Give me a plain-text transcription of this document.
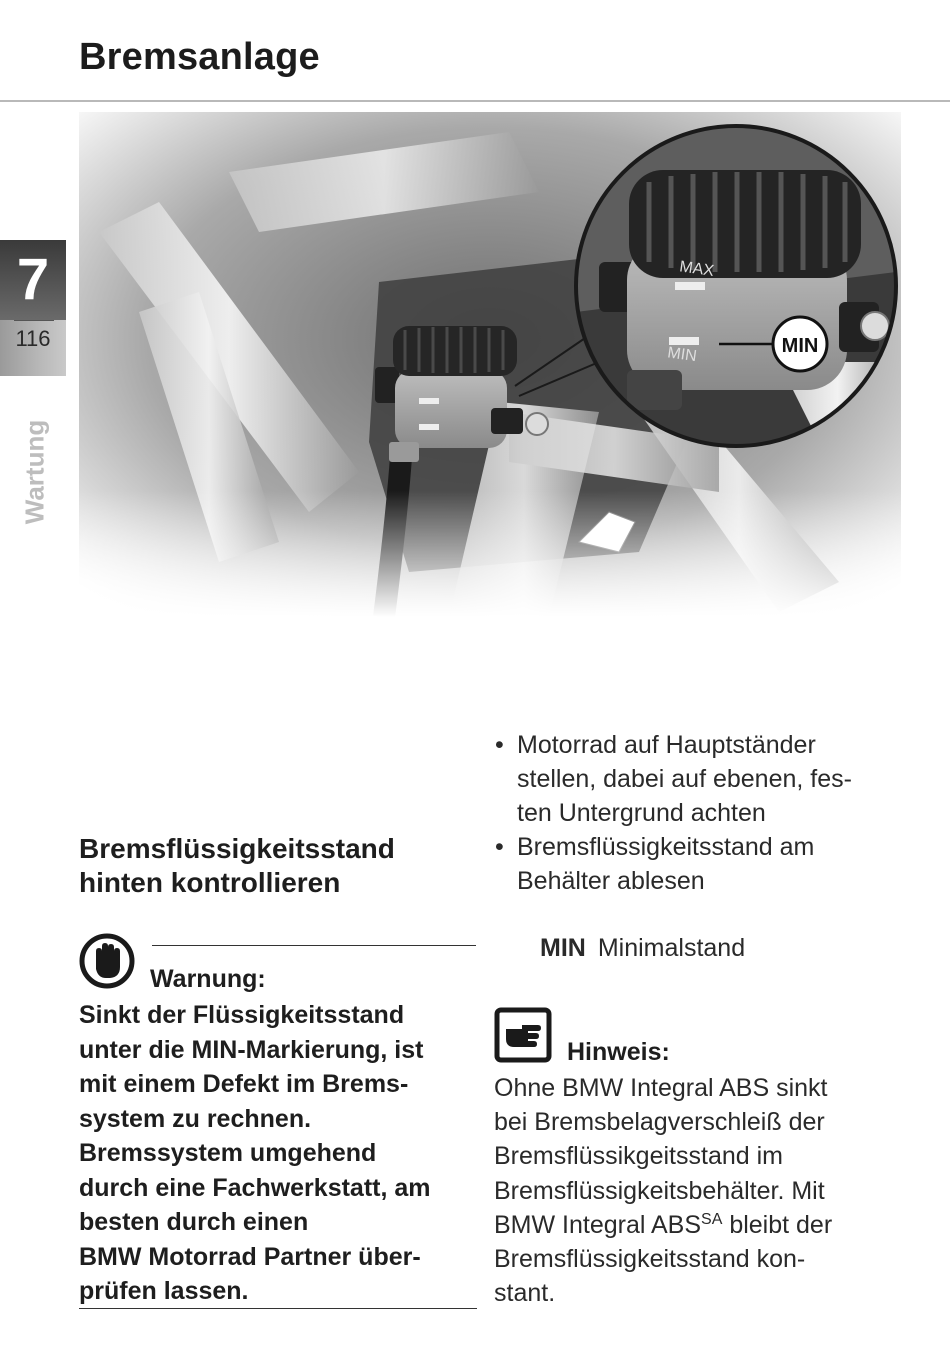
Bremsanlage
7
116
Wartung
Bremsflüssigkeitsstand
hinten kontrollieren
Warnung:

Sinkt der Flüssigkeitsstand

unter die MIN-Markierung, ist

mit einem Defekt im Brems-

system zu rechnen.

Bremssystem umgehend

durch eine Fachwerkstatt, am

besten durch einen

BMW Motorrad Partner über-

prüfen lassen.

• Motorrad auf Hauptständer
stellen, dabei auf ebenen, fes-
ten Untergrund achten
• Bremsflüssigkeitsstand am
Behälter ablesen
MIN Minimalstand
Hinweis:

Ohne BMW Integral ABS sinkt

bei Bremsbelagverschleiß der

Bremsflüssikgeitsstand im

Bremsflüssigkeitsbehälter. Mit

BMW Integral $ABS^{SA}$ bleibt der

Bremsflüssigkeitsstand kon-

stant.
